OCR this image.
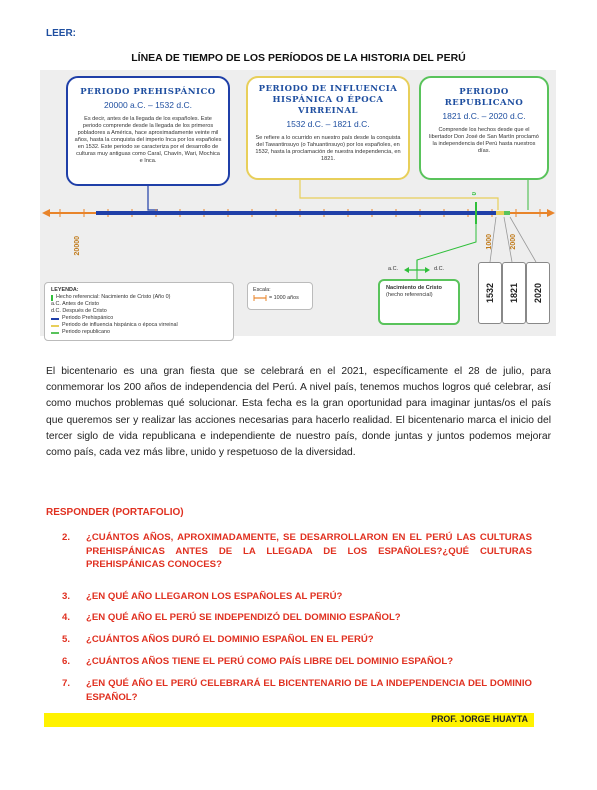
LEER:
LÍNEA DE TIEMPO DE LOS PERÍODOS DE LA HISTORIA DEL PERÚ
PERIODO PREHISPÁNICO
20000 a.C. – 1532 d.C.
Es decir, antes de la llegada de los españoles. Este periodo comprende desde la llegada de los primeros pobladores a América, hace aproximadamente veinte mil años, hasta la conquista del imperio Inca por los españoles en 1532. Este periodo se caracteriza por el desarrollo de culturas muy antiguas como Caral, Chavín, Wari, Mochica e Inca.
PERIODO DE INFLUENCIA
HISPÁNICA O ÉPOCA VIRREINAL
1532 d.C. – 1821 d.C.
Se refiere a lo ocurrido en nuestro país desde la conquista del Tawantinsuyo (o Tahuantinsuyo) por los españoles, en 1532, hasta la proclamación de nuestra independencia, en 1821.
PERIODO REPUBLICANO
1821 d.C. – 2020 d.C.
Comprende los hechos desde que el libertador Don José de San Martín proclamó la independencia del Perú hasta nuestros días.
20000	1000 2000
0
a.C.	d.C.
1532 1821 2020
LEYENDA:
Hecho referencial: Nacimiento de Cristo (Año 0)
a.C. Antes de Cristo
d.C. Después de Cristo
Periodo Prehispánico
Periodo de influencia hispánica o época virreinal
Periodo republicano
Escala:
= 1000 años
Nacimiento de Cristo
(hecho referencial)
El bicentenario es una gran fiesta que se celebrará en el 2021, específicamente el 28 de julio, para conmemorar los 200 años de independencia del Perú. A nivel país, tenemos muchos logros qué celebrar, así como muchos problemas qué solucionar. Esta fecha es la gran oportunidad para imaginar juntas/os el país que queremos ser y realizar las acciones necesarias para hacerlo realidad. El bicentenario marca el inicio del tercer siglo de vida republicana e independiente de nuestro país, donde juntas y juntos podemos mejorar como país, cada vez más libre, unido y respetuoso de la diversidad.
RESPONDER (PORTAFOLIO)
2.	¿CUÁNTOS AÑOS, APROXIMADAMENTE, SE DESARROLLARON EN EL PERÚ LAS CULTURAS PREHISPÁNICAS ANTES DE LA LLEGADA DE LOS ESPAÑOLES?¿QUÉ CULTURAS PREHISPÁNICAS CONOCES?
3.	¿EN QUÉ AÑO LLEGARON LOS ESPAÑOLES AL PERÚ?
4.	¿EN QUÉ AÑO EL PERÚ SE INDEPENDIZÓ DEL DOMINIO ESPAÑOL?
5.	¿CUÁNTOS AÑOS DURÓ EL DOMINIO ESPAÑOL EN EL PERÚ?
6.	¿CUÁNTOS AÑOS TIENE EL PERÚ COMO PAÍS LIBRE DEL DOMINIO ESPAÑOL?
7.	¿EN QUÉ AÑO EL PERÚ CELEBRARÁ EL BICENTENARIO DE LA INDEPENDENCIA DEL DOMINIO ESPAÑOL?
PROF. JORGE HUAYTA
